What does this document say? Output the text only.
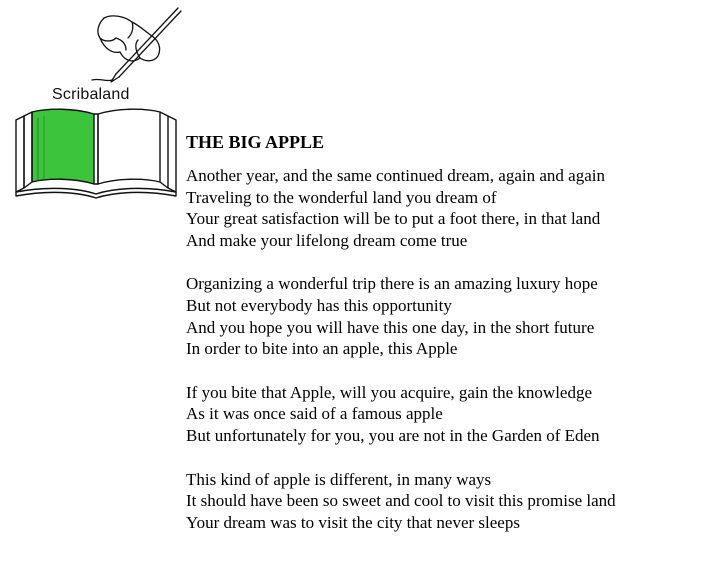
Scribaland
THE BIG APPLE
Another year, and the same continued dream, again and again
Traveling to the wonderful land you dream of
Your great satisfaction will be to put a foot there, in that land
And make your lifelong dream come true
Organizing a wonderful trip there is an amazing luxury hope
But not everybody has this opportunity
And you hope you will have this one day, in the short future
In order to bite into an apple, this Apple
If you bite that Apple, will you acquire, gain the knowledge
As it was once said of a famous apple
But unfortunately for you, you are not in the Garden of Eden
This kind of apple is different, in many ways
It should have been so sweet and cool to visit this promise land
Your dream was to visit the city that never sleeps
